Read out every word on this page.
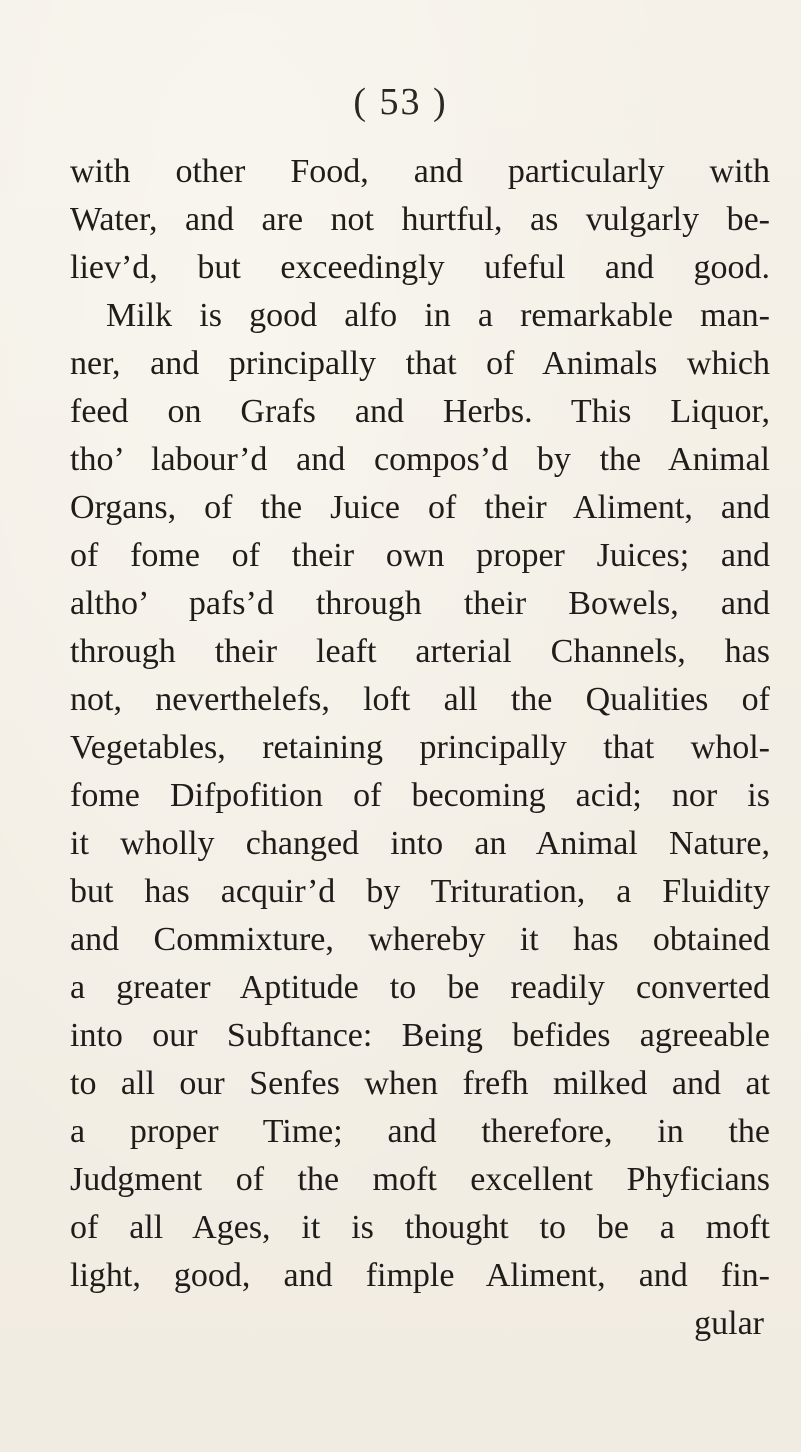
( 53 )
with other Food, and particularly with
Water, and are not hurtful, as vulgarly be-
liev’d, but exceedingly ufeful and good.
Milk is good alfo in a remarkable man-
ner, and principally that of Animals which
feed on Grafs and Herbs. This Liquor,
tho’ labour’d and compos’d by the Animal
Organs, of the Juice of their Aliment, and
of fome of their own proper Juices; and
altho’ pafs’d through their Bowels, and
through their leaft arterial Channels, has
not, neverthelefs, loft all the Qualities of
Vegetables, retaining principally that whol-
fome Difpofition of becoming acid; nor is
it wholly changed into an Animal Nature,
but has acquir’d by Trituration, a Fluidity
and Commixture, whereby it has obtained
a greater Aptitude to be readily converted
into our Subftance: Being befides agreeable
to all our Senfes when frefh milked and at
a proper Time; and therefore, in the
Judgment of the moft excellent Phyficians
of all Ages, it is thought to be a moft
light, good, and fimple Aliment, and fin-
gular
